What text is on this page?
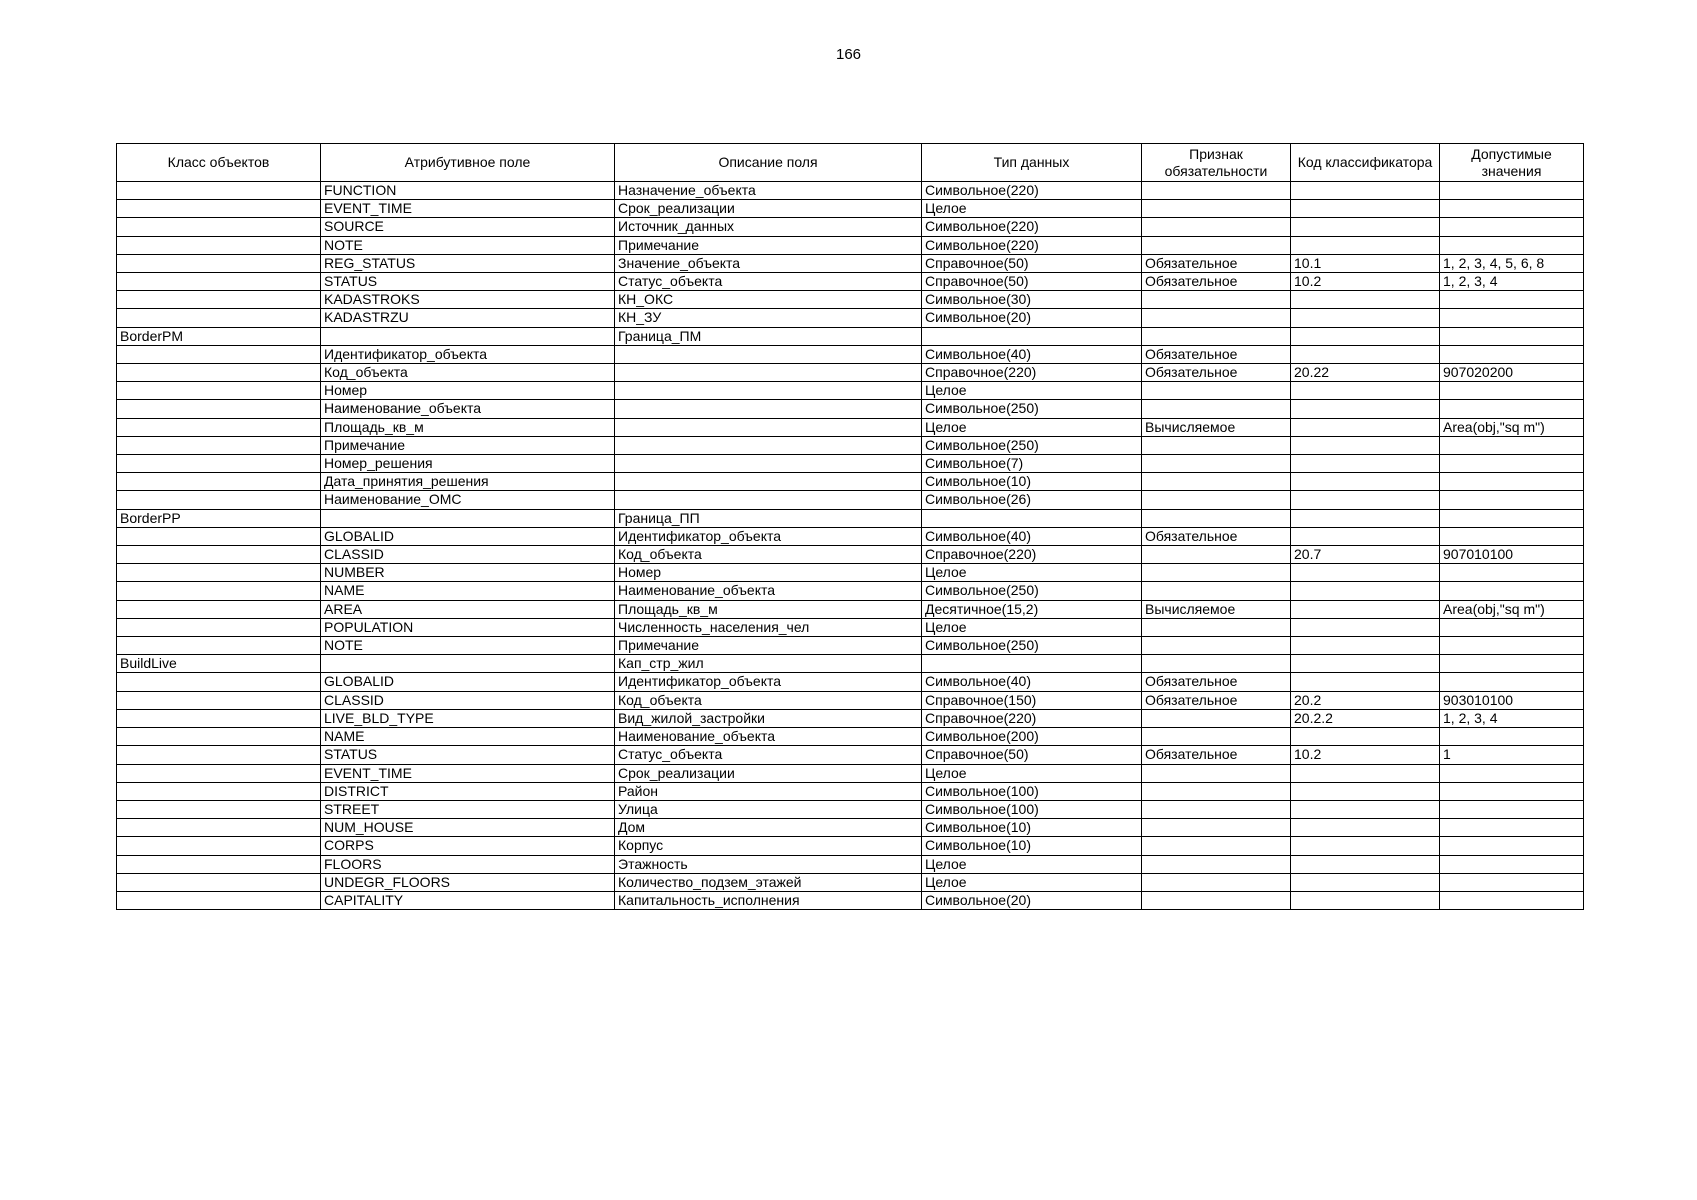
166
Класс объектов	Атрибутивное поле	Описание поля	Тип данных	Признак обязательности	Код классификатора	Допустимые значения
	FUNCTION	Назначение_объекта	Символьное(220)			
	EVENT_TIME	Срок_реализации	Целое			
	SOURCE	Источник_данных	Символьное(220)			
	NOTE	Примечание	Символьное(220)			
	REG_STATUS	Значение_объекта	Справочное(50)	Обязательное	10.1	1, 2, 3, 4, 5, 6, 8
	STATUS	Статус_объекта	Справочное(50)	Обязательное	10.2	1, 2, 3, 4
	KADASTROKS	КН_ОКС	Символьное(30)			
	KADASTRZU	КН_ЗУ	Символьное(20)			
BorderPM		Граница_ПМ				
	Идентификатор_объекта		Символьное(40)	Обязательное		
	Код_объекта		Справочное(220)	Обязательное	20.22	907020200
	Номер		Целое			
	Наименование_объекта		Символьное(250)			
	Площадь_кв_м		Целое	Вычисляемое		Area(obj,"sq m")
	Примечание		Символьное(250)			
	Номер_решения		Символьное(7)			
	Дата_принятия_решения		Символьное(10)			
	Наименование_ОМС		Символьное(26)			
BorderPP		Граница_ПП				
	GLOBALID	Идентификатор_объекта	Символьное(40)	Обязательное		
	CLASSID	Код_объекта	Справочное(220)		20.7	907010100
	NUMBER	Номер	Целое			
	NAME	Наименование_объекта	Символьное(250)			
	AREA	Площадь_кв_м	Десятичное(15,2)	Вычисляемое		Area(obj,"sq m")
	POPULATION	Численность_населения_чел	Целое			
	NOTE	Примечание	Символьное(250)			
BuildLive		Кап_стр_жил				
	GLOBALID	Идентификатор_объекта	Символьное(40)	Обязательное		
	CLASSID	Код_объекта	Справочное(150)	Обязательное	20.2	903010100
	LIVE_BLD_TYPE	Вид_жилой_застройки	Справочное(220)		20.2.2	1, 2, 3, 4
	NAME	Наименование_объекта	Символьное(200)			
	STATUS	Статус_объекта	Справочное(50)	Обязательное	10.2	1
	EVENT_TIME	Срок_реализации	Целое			
	DISTRICT	Район	Символьное(100)			
	STREET	Улица	Символьное(100)			
	NUM_HOUSE	Дом	Символьное(10)			
	CORPS	Корпус	Символьное(10)			
	FLOORS	Этажность	Целое			
	UNDEGR_FLOORS	Количество_подзем_этажей	Целое			
	CAPITALITY	Капитальность_исполнения	Символьное(20)			
